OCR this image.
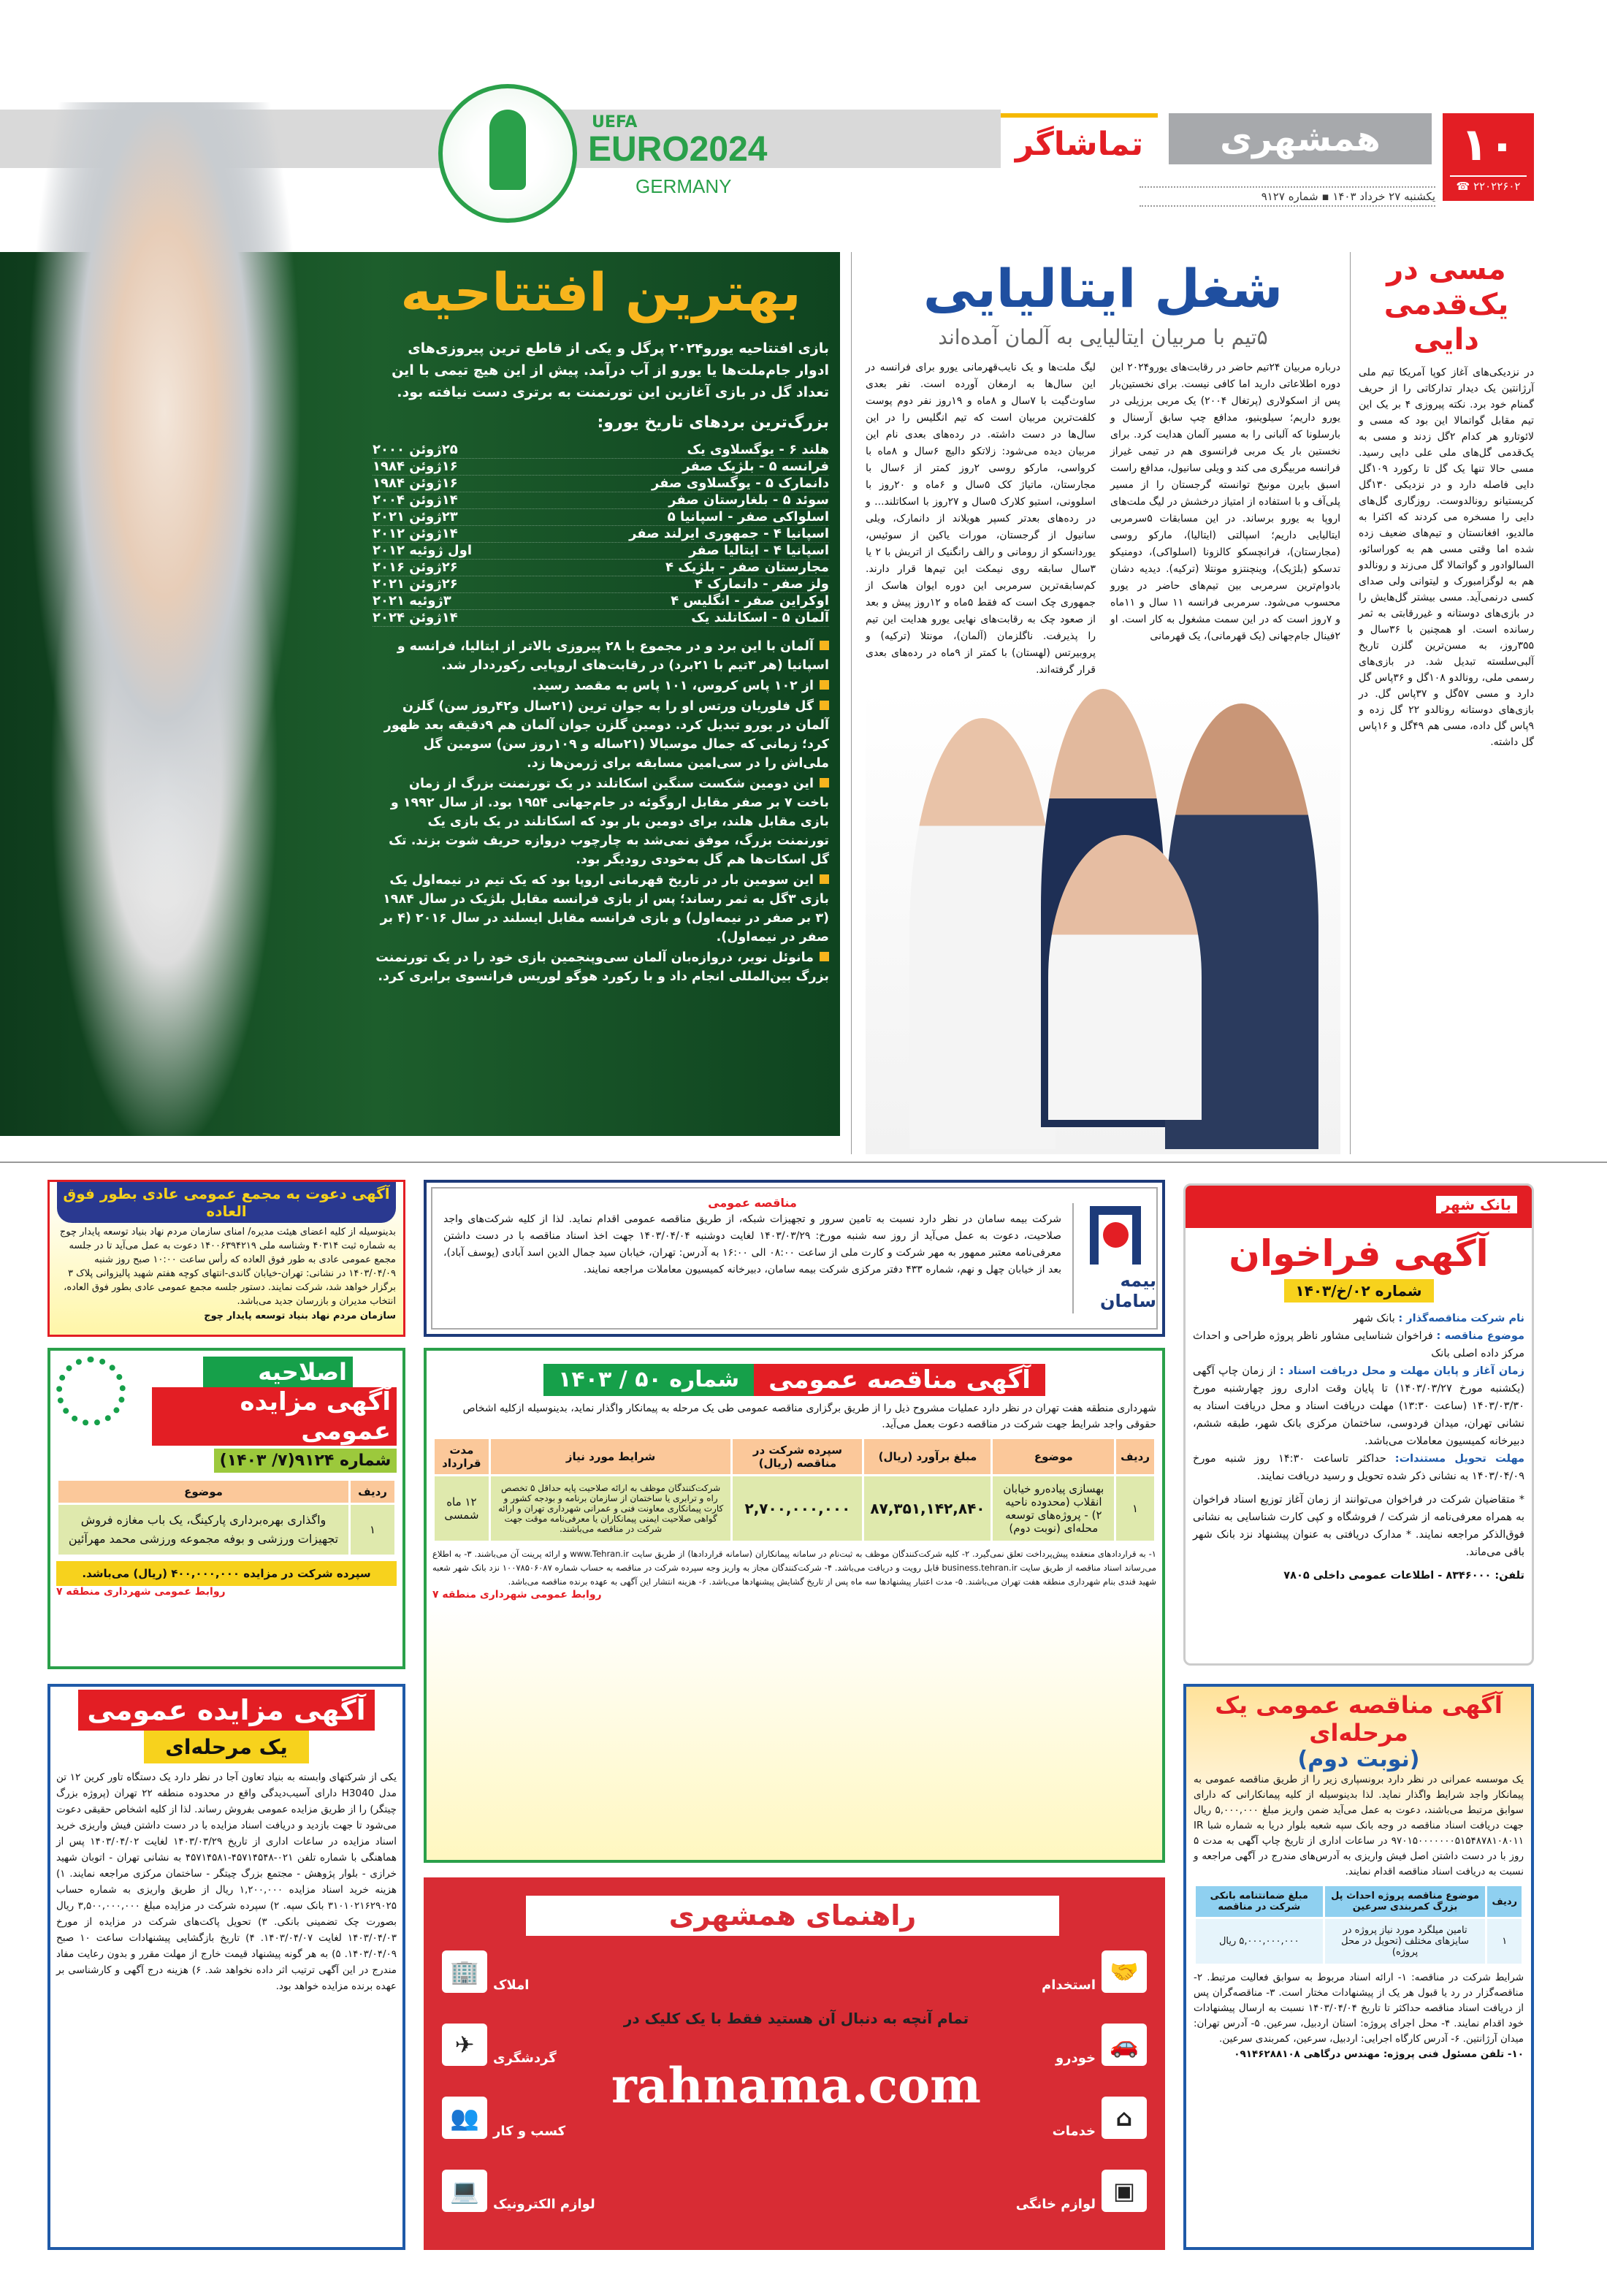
UEFA
EURO2024
GERMANY
همشهری
تماشاگر	۱۰
☎ ۲۲۰۲۲۶۰۲
یکشنبه ۲۷ خرداد ۱۴۰۳ ▪ شماره ۹۱۲۷
بهترین افتتاحیه
بازی افتتاحیه یورو۲۰۲۴ پرگل و یکی از قاطع ترین پیروزی‌های ادوار جام‌ملت‌ها یا یورو از آب درآمد. پیش از این هیچ تیمی با این تعداد گل در بازی آغازین این تورنمنت به برتری دست نیافته بود.
بزرگ‌ترین بردهای تاریخ یورو:
هلند ۶ - یوگسلاوی یک
۲۵ژوئن ۲۰۰۰
فرانسه ۵ - بلژیک صفر
۱۶ژوئن ۱۹۸۴
دانمارک ۵ - یوگسلاوی صفر
۱۶ژوئن ۱۹۸۴
سوئد ۵ - بلغارستان صفر
۱۴ژوئن ۲۰۰۴
اسلواکی صفر - اسپانیا ۵
۲۳ژوئن ۲۰۲۱
اسپانیا ۴ - جمهوری ایرلند صفر
۱۴ژوئن ۲۰۱۲
اسپانیا ۴ - ایتالیا صفر
اول ژوئیه ۲۰۱۲
مجارستان صفر - بلژیک ۴
۲۶ژوئن ۲۰۱۶
ولز صفر - دانمارک ۴
۲۶ژوئن ۲۰۲۱
اوکراین صفر - انگلیس ۴
۳ژوئیه ۲۰۲۱
آلمان ۵ - اسکاتلند یک
۱۴ژوئن ۲۰۲۴

آلمان با این برد و در مجموع با ۲۸ پیروزی بالاتر از ایتالیا، فرانسه و اسپانیا (هر ۳تیم با ۲۱برد) در رقابت‌های اروپایی رکورددار شد.

از ۱۰۲ پاس کروس، ۱۰۱ پاس به مقصد رسید.

گل فلوریان ورتس او را به جوان ترین (۲۱سال و۴۲روز سن) گلزن آلمان در یورو تبدیل کرد. دومین گلزن جوان آلمان هم ۹دقیقه بعد ظهور کرد؛ زمانی که جمال موسیالا (۲۱ساله و ۱۰۹روز سن) سومین گل ملی‌اش را در سی‌امین مسابقه برای ژرمن‌ها زد.

این دومین شکست سنگین اسکاتلند در یک تورنمنت بزرگ از زمان باخت ۷ بر صفر مقابل اروگوئه در جام‌جهانی ۱۹۵۴ بود. از سال ۱۹۹۲ و بازی مقابل هلند، برای دومین بار بود که اسکاتلند در یک بازی یک تورنمنت بزرگ، موفق نمی‌شد به چارچوب دروازه حریف شوت بزند. تک گل اسکات‌ها هم گل به‌خودی رودیگر بود.

این سومین بار در تاریخ قهرمانی اروپا بود که یک تیم در نیمه‌اول یک بازی ۳گل به ثمر رساند؛ پس از بازی فرانسه مقابل بلژیک در سال ۱۹۸۴ (۳ بر صفر در نیمه‌اول) و بازی فرانسه مقابل ایسلند در سال ۲۰۱۶ (۴ بر صفر در نیمه‌اول).

مانوئل نویر، دروازه‌بان آلمان سی‌وپنجمین بازی خود را در یک تورنمنت بزرگ بین‌المللی انجام داد و با رکورد هوگو لوریس فرانسوی برابری کرد.

شغل ایتالیایی
۵تیم با مربیان ایتالیایی به آلمان آمده‌اند
درباره مربیان ۲۴تیم حاضر در رقابت‌های یورو۲۰۲۴ این دوره اطلاعاتی دارید اما کافی نیست. برای نخستین‌بار پس از اسکولاری (پرتغال ۲۰۰۴) یک مربی برزیلی در یورو داریم؛ سیلوینیو، مدافع چپ سابق آرسنال و بارسلونا که آلبانی را به مسیر آلمان هدایت کرد. برای نخستین بار یک مربی فرانسوی هم در تیمی غیراز فرانسه مربیگری می کند و ویلی سانیول، مدافع راست اسبق بایرن مونیخ توانسته گرجستان را از مسیر پلی‌آف و با استفاده از امتیاز درخشش در لیگ ملت‌های اروپا به یورو برساند. در این مسابقات ۵سرمربی ایتالیایی داریم؛ اسپالتی (ایتالیا)، مارکو روسی (مجارستان)، فرانچسکو کالزونا (اسلواکی)، دومنیکو تدسکو (بلژیک)، وینچنتزو مونتلا (ترکیه). دیدیه دشان بادوام‌ترین سرمربی بین تیم‌های حاضر در یورو محسوب می‌شود. سرمربی فرانسه ۱۱ سال و ۱۱ماه و ۷روز است که در این سمت مشغول به کار است. او ۲فینال جام‌جهانی (یک قهرمانی)، یک قهرمانی
لیگ ملت‌ها و یک نایب‌قهرمانی یورو برای فرانسه در این سال‌ها به ارمغان آورده است. نفر بعدی ساوث‌گیت با ۷سال و ۸ماه و ۱۹روز نفر دوم پوست کلفت‌ترین مربیان است که تیم انگلیس را در این سال‌ها در دست داشته. در رده‌های بعدی نام این مربیان دیده می‌شود: زلاتکو دالیچ ۶سال و ۸ماه با کرواسی، مارکو روسی ۲روز کمتر از ۶سال با مجارستان، ماتیاژ کک ۵سال و ۶ماه و ۲۰روز با اسلوونی، استیو کلارک ۵سال و ۲۷روز با اسکاتلند... و در رده‌های بعدتر کسپر هویلاند از دانمارک، ویلی سانیول از گرجستان، مورات یاکین از سوئیس، یوردانسکو از رومانی و رالف رانگنیک از اتریش با ۲ یا ۳سال سابقه روی نیمکت این تیم‌ها قرار دارند. کم‌سابقه‌ترین سرمربی این دوره ایوان هاسک از جمهوری چک است که فقط ۵ماه و ۱۲روز پیش و بعد از صعود چک به رقابت‌های نهایی یورو هدایت این تیم را پذیرفت. ناگلزمان (آلمان)، مونتلا (ترکیه) و پروبیرتس (لهستان) با کمتر از ۹ماه در رده‌های بعدی قرار گرفته‌اند.
مسی در یک‌قدمی دایی
در نزدیکی‌های آغاز کوپا آمریکا تیم ملی آرژانتین یک دیدار تدارکاتی را از حریف گمنام خود برد. نکته پیروزی ۴ بر یک این تیم مقابل گواتمالا این بود که مسی و لائوتارو هر کدام ۲گل زدند و مسی به یک‌قدمی گل‌های ملی علی دایی رسید. مسی حالا تنها یک گل تا رکورد ۱۰۹گل دایی فاصله دارد و در نزدیکی ۱۳۰گل کریستیانو رونالدوست. روزگاری گل‌های دایی را مسخره می کردند که اکثرا به مالدیو، افغانستان و تیم‌های ضعیف زده شده اما وقتی مسی هم به کوراسائو، السالوادور و گواتمالا گل می‌زند و رونالدو هم به لوگزامبورک و لیتوانی ولی صدای کسی درنمی‌آید. مسی بیشتر گل‌هایش را در بازی‌های دوستانه و غیررقابتی به ثمر رسانده است. او همچنین با ۳۶سال و ۳۵۵روز، به مسن‌ترین گلزن تاریخ آلبی‌سلسته تبدیل شد. در بازی‌های رسمی ملی، رونالدو ۱۰۸گل و ۳۶پاس گل دارد و مسی ۵۷گل و ۳۷پاس گل. در بازی‌های دوستانه رونالدو ۲۲ گل زده و ۹پاس گل داده، مسی هم ۴۹گل و ۱۶پاس گل داشته.
آگهی دعوت به مجمع عمومی عادی بطور فوق العاده
بدینوسیله از کلیه اعضای هیئت مدیره/ امنای سازمان مردم نهاد بنیاد توسعه پایدار چوج به شماره ثبت ۴۰۳۱۴ وشناسه ملی ۱۴۰۰۶۳۹۴۲۱۹ دعوت به عمل می‌آید تا در جلسه مجمع عمومی عادی به طور فوق العاده که رأس ساعت ۱۰:۰۰ صبح روز شنبه ۱۴۰۳/۰۴/۰۹ در نشانی: تهران-خیابان گاندی-انتهای کوچه هفتم شهید پالیزوانی پلاک ۳ برگزار خواهد شد، شرکت نمایند. دستور جلسه مجمع عمومی عادی بطور فوق العاده، انتخاب مدیران و بازرسان جدید می‌باشد.
سازمان مردم نهاد بنیاد توسعه پایدار چوج
بیمه سامان
مناقصه عمومی
شرکت بیمه سامان در نظر دارد نسبت به تامین سرور و تجهیزات شبکه، از طریق مناقصه عمومی اقدام نماید. لذا از کلیه شرکت‌های واجد صلاحیت، دعوت به عمل می‌آید از روز سه شنبه مورخ: ۱۴۰۳/۰۳/۲۹ لغایت دوشنبه ۱۴۰۳/۰۴/۰۴ جهت اخذ اسناد مناقصه با در دست داشتن معرفی‌نامه معتبر ممهور به مهر شرکت و کارت ملی از ساعت ۰۸:۰۰ الی ۱۶:۰۰ به آدرس: تهران، خیابان سید جمال الدین اسد آبادی (یوسف آباد)، بعد از خیابان چهل و نهم، شماره ۴۳۳ دفتر مرکزی شرکت بیمه سامان، دبیرخانه کمیسیون معاملات مراجعه نمایند.
بانک شهر
آگهی فراخوان
شماره ۰۲/خ/۱۴۰۳
نام شرکت مناقصه‌گذار : بانک شهر
موضوع مناقصه : فراخوان شناسایی مشاور ناظر پروژه طراحی و احداث مرکز داده اصلی بانک
زمان آغاز و پایان مهلت و محل دریافت اسناد : از زمان چاپ آگهی (یکشنبه مورخ ۱۴۰۳/۰۳/۲۷) تا پایان وقت اداری روز چهارشنبه مورخ ۱۴۰۳/۰۳/۳۰ (ساعت ۱۳:۳۰) مهلت دریافت اسناد و محل دریافت اسناد به نشانی تهران، میدان فردوسی، ساختمان مرکزی بانک شهر، طبقه ششم، دبیرخانه کمیسیون معاملات می‌باشد.
مهلت تحویل مستندات: حداکثر تاساعت ۱۴:۳۰ روز شنبه مورخ ۱۴۰۳/۰۴/۰۹ به نشانی ذکر شده تحویل و رسید دریافت نمایند.
* متقاضیان شرکت در فراخوان می‌توانند از زمان آغاز توزیع اسناد فراخوان به همراه معرفی‌نامه از شرکت / فروشگاه و کپی کارت شناسایی به نشانی فوق‌الذکر مراجعه نمایند. * مدارک دریافتی به عنوان پیشنهاد نزد بانک شهر باقی می‌ماند.
تلفن: ۸۳۴۶۰۰۰ - اطلاعات عمومی داخلی ۷۸۰۵
اصلاحیه
آگهی مزایده عمومی
شماره ۹۱۲۴(۷/ ۱۴۰۳)
ردیف	موضوع
۱	واگذاری بهره‌برداری پارکینگ، یک باب مغازه فروش تجهیزات ورزشی و بوفه مجموعه ورزشی محمد مهرآئین
سپرده شرکت در مزایده ۴۰۰,۰۰۰,۰۰۰ (ریال) می‌باشد.
روابط عمومی شهرداری منطقه ۷
آگهی مناقصه عمومی
شماره ۵۰ / ۱۴۰۳
شهرداری منطقه هفت تهران در نظر دارد عملیات مشروح ذیل را از طریق برگزاری مناقصه عمومی طی یک مرحله به پیمانکار واگذار نماید، بدینوسیله ازکلیه اشخاص حقوقی واجد شرایط جهت شرکت در مناقصه دعوت بعمل می‌آید.
ردیف	موضوع	مبلغ برآورد (ریال)	سپرده شرکت در مناقصه (ریال)	شرایط مورد نیاز	مدت قرارداد
۱	بهسازی پیاده‌رو خیابان انقلاب (محدوده ناحیه ۲) - پروژه‌های توسعه محله‌ای (نوبت دوم)	۸۷,۳۵۱,۱۴۲,۸۴۰	۲,۷۰۰,۰۰۰,۰۰۰	شرکت‌کنندگان موظف به ارائه صلاحیت پایه حداقل ۵ تخصص راه و ترابری یا ساختمان از سازمان برنامه و بودجه کشور و کارت پیمانکاری معاونت فنی و عمرانی شهرداری تهران و ارائه گواهی صلاحیت ایمنی پیمانکاران یا معرفی‌نامه موقت جهت شرکت در مناقصه می‌باشند.	۱۲ ماه شمسی
۱- به قراردادهای منعقده پیش‌پرداخت تعلق نمی‌گیرد. ۲- کلیه شرکت‌کنندگان موظف به ثبت‌نام در سامانه پیمانکاران (سامانه قراردادها) از طریق سایت www.Tehran.ir و ارائه پرینت آن می‌باشند. ۳- به اطلاع می‌رساند اسناد مناقصه از طریق سایت business.tehran.ir قابل رویت و دریافت می‌باشد. ۴- شرکت‌کنندگان مجاز به واریز وجه سپرده شرکت در مناقصه به حساب شماره ۱۰۰۷۸۵۰۶۰۸۷ نزد بانک شهر شعبه شهید قندی بنام شهرداری منطقه هفت تهران می‌باشند. ۵- مدت اعتبار پیشنهادها سه ماه پس از تاریخ گشایش پیشنهادها می‌باشد. ۶- هزینه انتشار این آگهی به عهده برنده مناقصه می‌باشد.
روابط عمومی شهرداری منطقه ۷
آگهی مزایده عمومی
یک مرحله‌ای
یکی از شرکتهای وابسته به بنیاد تعاون آجا در نظر دارد یک دستگاه تاور کرین ۱۲ تن مدل H3040 دارای آسیب‌دیدگی واقع در محدوده منطقه ۲۲ تهران (پروژه بزرگ چیتگر) را از طریق مزایده عمومی بفروش رساند. لذا از کلیه اشخاص حقیقی دعوت می‌شود تا جهت بازدید و دریافت اسناد مزایده با در دست داشتن فیش واریزی خرید اسناد مزایده در ساعات اداری از تاریخ ۱۴۰۳/۰۳/۲۹ لغایت ۱۴۰۳/۰۴/۰۲ پس از هماهنگی با شماره تلفن ۰۲۱-۴۵۷۱۴۵۴۸-۴۵۷۱۴۵۸۱ به نشانی تهران - اتوبان شهید خرازی - بلوار پژوهش - مجتمع بزرگ چیتگر - ساختمان مرکزی مراجعه نمایند. ۱) هزینه خرید اسناد مزایده ۱,۲۰۰,۰۰۰ ریال از طریق واریزی به شماره حساب ۳۱۰۱۰۲۱۶۲۹۰۲۵ بانک سپه. ۲) سپرده شرکت در مزایده مبلغ ۳,۵۰۰,۰۰۰,۰۰۰ ریال بصورت چک تضمینی بانکی. ۳) تحویل پاکت‌های شرکت در مزایده از مورخ ۱۴۰۳/۰۴/۰۳ لغایت ۱۴۰۳/۰۴/۰۷. ۴) تاریخ بازگشایی پیشنهادات ساعت ۱۰ صبح ۱۴۰۳/۰۴/۰۹. ۵) به هر گونه پیشنهاد قیمت خارج از مهلت مقرر و بدون رعایت مفاد مندرج در این آگهی ترتیب اثر داده نخواهد شد. ۶) هزینه درج آگهی و کارشناسی بر عهده برنده مزایده خواهد بود.
راهنمای همشهری
تمام آنچه به دنبال آن هستید فقط با یک کلیک در
rahnama.com
استخدام 🤝
املاک
🏢
خودرو 🚗
گردشگری
✈
خدمات ⌂
کسب و کار
👥
لوازم خانگی ▣
لوازم الکترونیک
💻
آگهی مناقصه عمومی یک مرحله‌ای
(نوبت دوم)
یک موسسه عمرانی در نظر دارد برونسپاری زیر را از طریق مناقصه عمومی به پیمانکار واجد شرایط واگذار نماید. لذا بدینوسیله از کلیه پیمانکارانی که دارای سوابق مرتبط می‌باشند، دعوت به عمل می‌آید ضمن واریز مبلغ ۵,۰۰۰,۰۰۰ ریال جهت دریافت اسناد مناقصه در وجه بانک سپه شعبه بلوار دریا به شماره شبا IR ۹۷۰۱۵۰۰۰۰۰۰۰۵۱۵۴۸۷۸۱۰۸۰۱۱ در ساعات اداری از تاریخ چاپ آگهی به مدت ۵ روز با در دست داشتن اصل فیش واریزی به آدرس‌های مندرج در آگهی مراجعه و نسبت به دریافت اسناد مناقصه اقدام نمایند.
ردیف	موضوع مناقصه پروژه احداث پل بزرگ کمربندی سرعین	مبلغ ضمانتنامه بانکی شرکت در مناقصه
۱	تامین میلگرد مورد نیاز پروژه در سایزهای مختلف (تحویل در محل پروژه)	۵,۰۰۰,۰۰۰,۰۰۰ ریال
شرایط شرکت در مناقصه: ۱- ارائه اسناد مربوط به سوابق فعالیت مرتبط. ۲- مناقصه‌گزار در رد یا قبول هر یک از پیشنهادات مختار است. ۳- مناقصه‌گران پس از دریافت اسناد مناقصه حداکثر تا تاریخ ۱۴۰۳/۰۴/۰۴ نسبت به ارسال پیشنهادات خود اقدام نمایند. ۴- محل اجرای پروژه: استان اردبیل، سرعین. ۵- آدرس تهران: میدان آرژانتین. ۶- آدرس کارگاه اجرایی: اردبیل، سرعین، کمربندی سرعین.
۱۰- تلفن مسئول فنی پروژه: مهندس درگاهی ۰۹۱۴۶۲۸۸۱۰۸
